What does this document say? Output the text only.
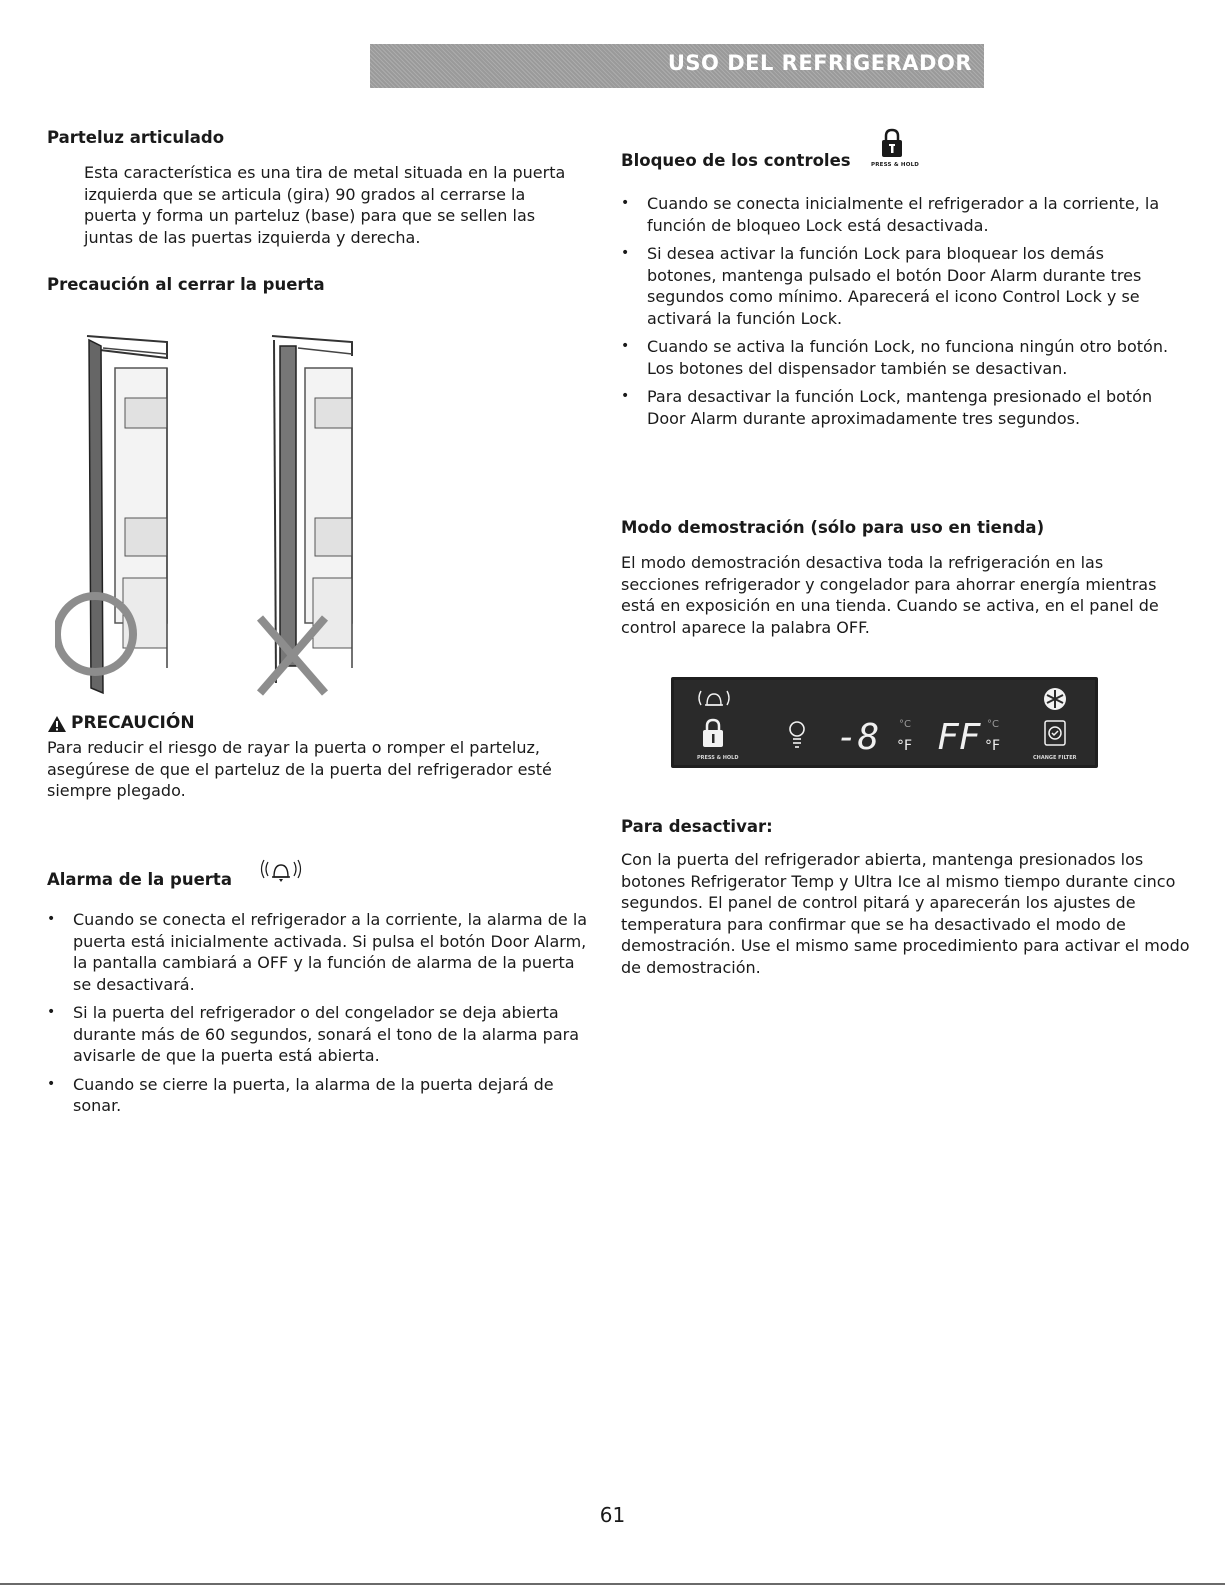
USO DEL REFRIGERADOR
Parteluz articulado

Esta característica es una tira de metal situada en la puerta izquierda que se articula (gira) 90 grados al cerrarse la puerta y forma un parteluz (base) para que se sellen las juntas de las puertas izquierda y derecha.

Precaución al cerrar la puerta
PRECAUCIÓN

Para reducir el riesgo de rayar la puerta o romper el parteluz, asegúrese de que el parteluz de la puerta del refrigerador esté siempre plegado.

Alarma de la puerta
• Cuando se conecta el refrigerador a la corriente, la alarma de la puerta está inicialmente activada. Si pulsa el botón Door Alarm, la pantalla cambiará a OFF y la función de alarma de la puerta se desactivará.
• Si la puerta del refrigerador o del congelador se deja abierta durante más de 60 segundos, sonará el tono de la alarma para avisarle de que la puerta está abierta.
• Cuando se cierre la puerta, la alarma de la puerta dejará de sonar.
Bloqueo de los controles	PRESS & HOLD
• Cuando se conecta inicialmente el refrigerador a la corriente, la función de bloqueo Lock está desactivada.
• Si desea activar la función Lock para bloquear los demás botones, mantenga pulsado el botón Door Alarm durante tres segundos como mínimo. Aparecerá el icono Control Lock y se activará la función Lock.
• Cuando se activa la función Lock, no funciona ningún otro botón. Los botones del dispensador también se desactivan.
• Para desactivar la función Lock, mantenga presionado el botón Door Alarm durante aproximadamente tres segundos.
Modo demostración (sólo para uso en tienda)

El modo demostración desactiva toda la refrigeración en las secciones refrigerador y congelador para ahorrar energía mientras está en exposición en una tienda. Cuando se activa, en el panel de control aparece la palabra OFF.

PRESS & HOLD	-8 °C
°F FF °C
°F
CHANGE FILTER
Para desactivar:

Con la puerta del refrigerador abierta, mantenga presionados los botones Refrigerator Temp y Ultra Ice al mismo tiempo durante cinco segundos. El panel de control pitará y aparecerán los ajustes de temperatura para confirmar que se ha desactivado el modo de demostración. Use el mismo same procedimiento para activar el modo de demostración.

61
